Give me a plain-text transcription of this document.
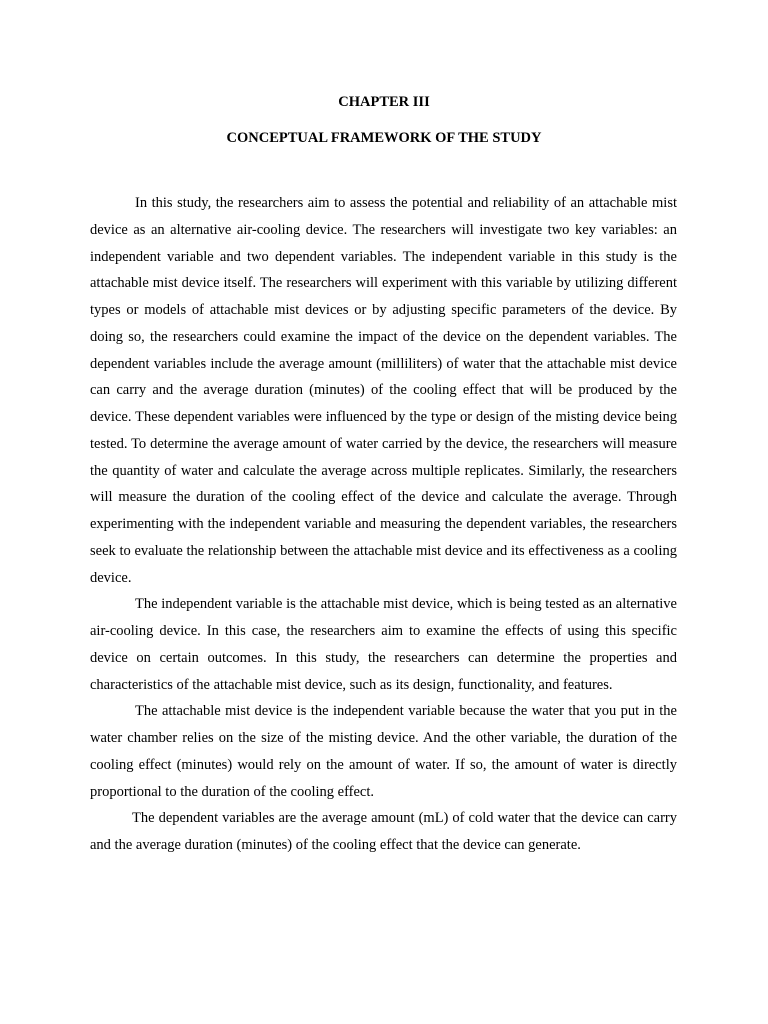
CHAPTER III
CONCEPTUAL FRAMEWORK OF THE STUDY

In this study, the researchers aim to assess the potential and reliability of an attachable mist device as an alternative air-cooling device. The researchers will investigate two key variables: an independent variable and two dependent variables. The independent variable in this study is the attachable mist device itself. The researchers will experiment with this variable by utilizing different types or models of attachable mist devices or by adjusting specific parameters of the device. By doing so, the researchers could examine the impact of the device on the dependent variables. The dependent variables include the average amount (milliliters) of water that the attachable mist device can carry and the average duration (minutes) of the cooling effect that will be produced by the device. These dependent variables were influenced by the type or design of the misting device being tested. To determine the average amount of water carried by the device, the researchers will measure the quantity of water and calculate the average across multiple replicates. Similarly, the researchers will measure the duration of the cooling effect of the device and calculate the average. Through experimenting with the independent variable and measuring the dependent variables, the researchers seek to evaluate the relationship between the attachable mist device and its effectiveness as a cooling device.

The independent variable is the attachable mist device, which is being tested as an alternative air-cooling device. In this case, the researchers aim to examine the effects of using this specific device on certain outcomes. In this study, the researchers can determine the properties and characteristics of the attachable mist device, such as its design, functionality, and features.

The attachable mist device is the independent variable because the water that you put in the water chamber relies on the size of the misting device. And the other variable, the duration of the cooling effect (minutes) would rely on the amount of water. If so, the amount of water is directly proportional to the duration of the cooling effect.

The dependent variables are the average amount (mL) of cold water that the device can carry and the average duration (minutes) of the cooling effect that the device can generate.
